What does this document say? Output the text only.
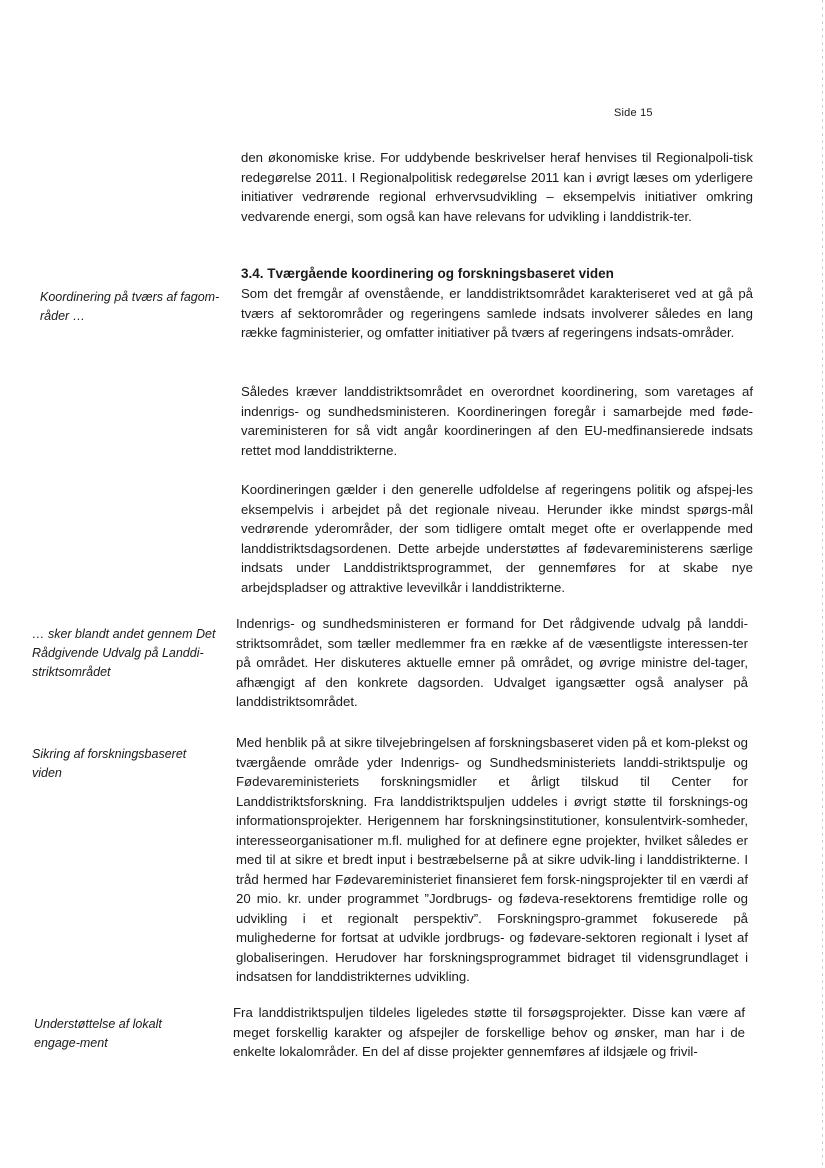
Side 15

den økonomiske krise. For uddybende beskrivelser heraf henvises til Regionalpoli-tisk redegørelse 2011. I Regionalpolitisk redegørelse 2011 kan i øvrigt læses om yderligere initiativer vedrørende regional erhvervsudvikling – eksempelvis initiativer omkring vedvarende energi, som også kan have relevans for udvikling i landdistrik-ter.

3.4. Tværgående koordinering og forskningsbaseret viden
Koordinering på tværs af fagom-råder …

Som det fremgår af ovenstående, er landdistriktsområdet karakteriseret ved at gå på tværs af sektorområder og regeringens samlede indsats involverer således en lang række fagministerier, og omfatter initiativer på tværs af regeringens indsats-områder.

Således kræver landdistriktsområdet en overordnet koordinering, som varetages af indenrigs- og sundhedsministeren. Koordineringen foregår i samarbejde med føde-vareministeren for så vidt angår koordineringen af den EU-medfinansierede indsats rettet mod landdistrikterne.

Koordineringen gælder i den generelle udfoldelse af regeringens politik og afspej-les eksempelvis i arbejdet på det regionale niveau. Herunder ikke mindst spørgs-mål vedrørende yderområder, der som tidligere omtalt meget ofte er overlappende med landdistriktsdagsordenen. Dette arbejde understøttes af fødevareministerens særlige indsats under Landdistriktsprogrammet, der gennemføres for at skabe nye arbejdspladser og attraktive levevilkår i landdistrikterne.

… sker blandt andet gennem Det Rådgivende Udvalg på Landdi-striktsområdet

Indenrigs- og sundhedsministeren er formand for Det rådgivende udvalg på landdi-striktsområdet, som tæller medlemmer fra en række af de væsentligste interessen-ter på området. Her diskuteres aktuelle emner på området, og øvrige ministre del-tager, afhængigt af den konkrete dagsorden. Udvalget igangsætter også analyser på landdistriktsområdet.

Sikring af forskningsbaseret viden

Med henblik på at sikre tilvejebringelsen af forskningsbaseret viden på et kom-plekst og tværgående område yder Indenrigs- og Sundhedsministeriets landdi-striktspulje og Fødevareministeriets forskningsmidler et årligt tilskud til Center for Landdistriktsforskning. Fra landdistriktspuljen uddeles i øvrigt støtte til forsknings-og informationsprojekter. Herigennem har forskningsinstitutioner, konsulentvirk-somheder, interesseorganisationer m.fl. mulighed for at definere egne projekter, hvilket således er med til at sikre et bredt input i bestræbelserne på at sikre udvik-ling i landdistrikterne. I tråd hermed har Fødevareministeriet finansieret fem forsk-ningsprojekter til en værdi af 20 mio. kr. under programmet ”Jordbrugs- og fødeva-resektorens fremtidige rolle og udvikling i et regionalt perspektiv”. Forskningspro-grammet fokuserede på mulighederne for fortsat at udvikle jordbrugs- og fødevare-sektoren regionalt i lyset af globaliseringen. Herudover har forskningsprogrammet bidraget til vidensgrundlaget i indsatsen for landdistrikternes udvikling.

Understøttelse af lokalt engage-ment

Fra landdistriktspuljen tildeles ligeledes støtte til forsøgsprojekter. Disse kan være af meget forskellig karakter og afspejler de forskellige behov og ønsker, man har i de enkelte lokalområder. En del af disse projekter gennemføres af ildsjæle og frivil-
